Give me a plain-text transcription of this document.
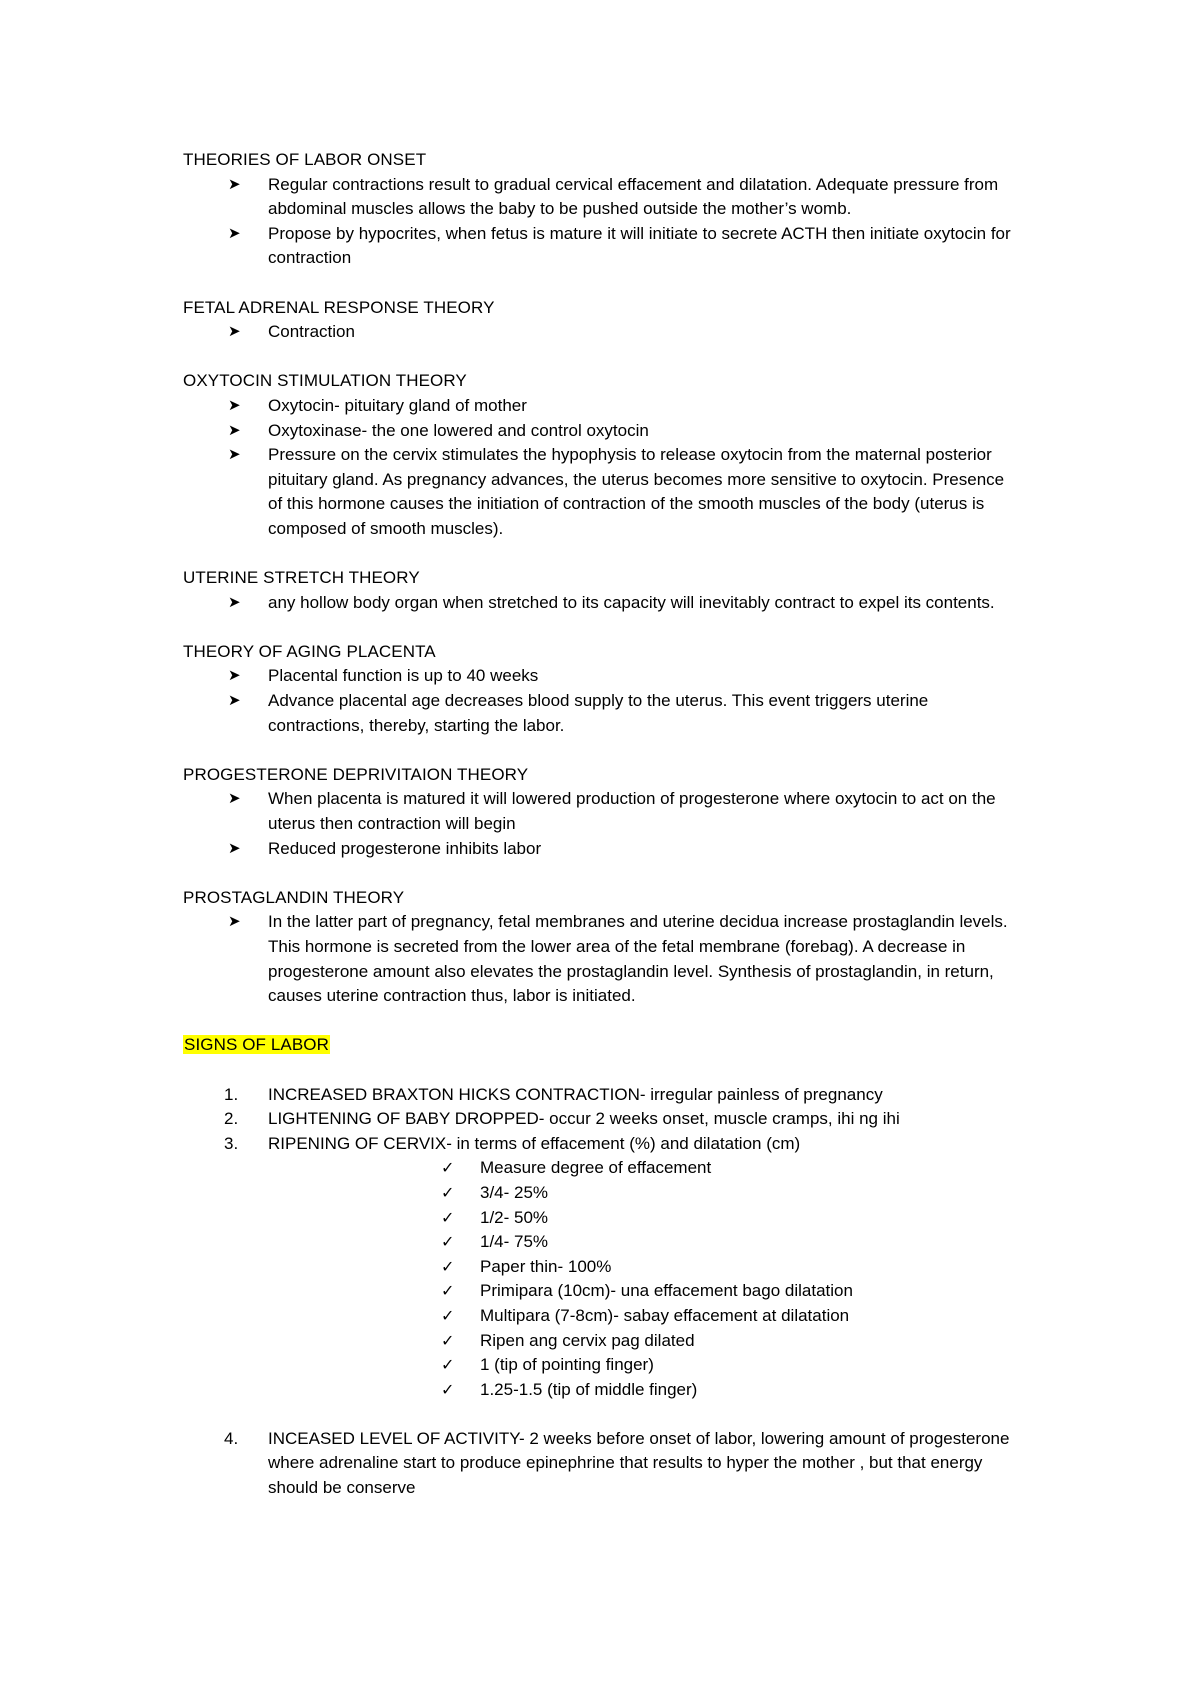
THEORIES OF LABOR ONSET
➤ Regular contractions result to gradual cervical effacement and dilatation. Adequate pressure from abdominal muscles allows the baby to be pushed outside the mother’s womb.
➤ Propose by hypocrites, when fetus is mature it will initiate to secrete ACTH then initiate oxytocin for contraction
FETAL ADRENAL RESPONSE THEORY
➤ Contraction
OXYTOCIN STIMULATION THEORY
➤ Oxytocin- pituitary gland of mother
➤ Oxytoxinase- the one lowered and control oxytocin
➤ Pressure on the cervix stimulates the hypophysis to release oxytocin from the maternal posterior pituitary gland. As pregnancy advances, the uterus becomes more sensitive to oxytocin. Presence of this hormone causes the initiation of contraction of the smooth muscles of the body (uterus is composed of smooth muscles).
UTERINE STRETCH THEORY
➤ any hollow body organ when stretched to its capacity will inevitably contract to expel its contents.
THEORY OF AGING PLACENTA
➤ Placental function is up to 40 weeks
➤ Advance placental age decreases blood supply to the uterus. This event triggers uterine contractions, thereby, starting the labor.
PROGESTERONE DEPRIVITAION THEORY
➤ When placenta is matured it will lowered production of progesterone where oxytocin to act on the uterus then contraction will begin
➤ Reduced progesterone inhibits labor
PROSTAGLANDIN THEORY
➤ In the latter part of pregnancy, fetal membranes and uterine decidua increase prostaglandin levels. This hormone is secreted from the lower area of the fetal membrane (forebag). A decrease in progesterone amount also elevates the prostaglandin level. Synthesis of prostaglandin, in return, causes uterine contraction thus, labor is initiated.
SIGNS OF LABOR
1. INCREASED BRAXTON HICKS CONTRACTION- irregular painless of pregnancy
2. LIGHTENING OF BABY DROPPED- occur 2 weeks onset, muscle cramps, ihi ng ihi
3. RIPENING OF CERVIX- in terms of effacement (%) and dilatation (cm)
✓ Measure degree of effacement
✓ 3/4- 25%
✓ 1/2- 50%
✓ 1/4- 75%
✓ Paper thin- 100%
✓ Primipara (10cm)- una effacement bago dilatation
✓ Multipara (7-8cm)- sabay effacement at dilatation
✓ Ripen ang cervix pag dilated
✓ 1 (tip of pointing finger)
✓ 1.25-1.5 (tip of middle finger)
4. INCEASED LEVEL OF ACTIVITY- 2 weeks before onset of labor, lowering amount of progesterone where adrenaline start to produce epinephrine that results to hyper the mother , but that energy should be conserve
